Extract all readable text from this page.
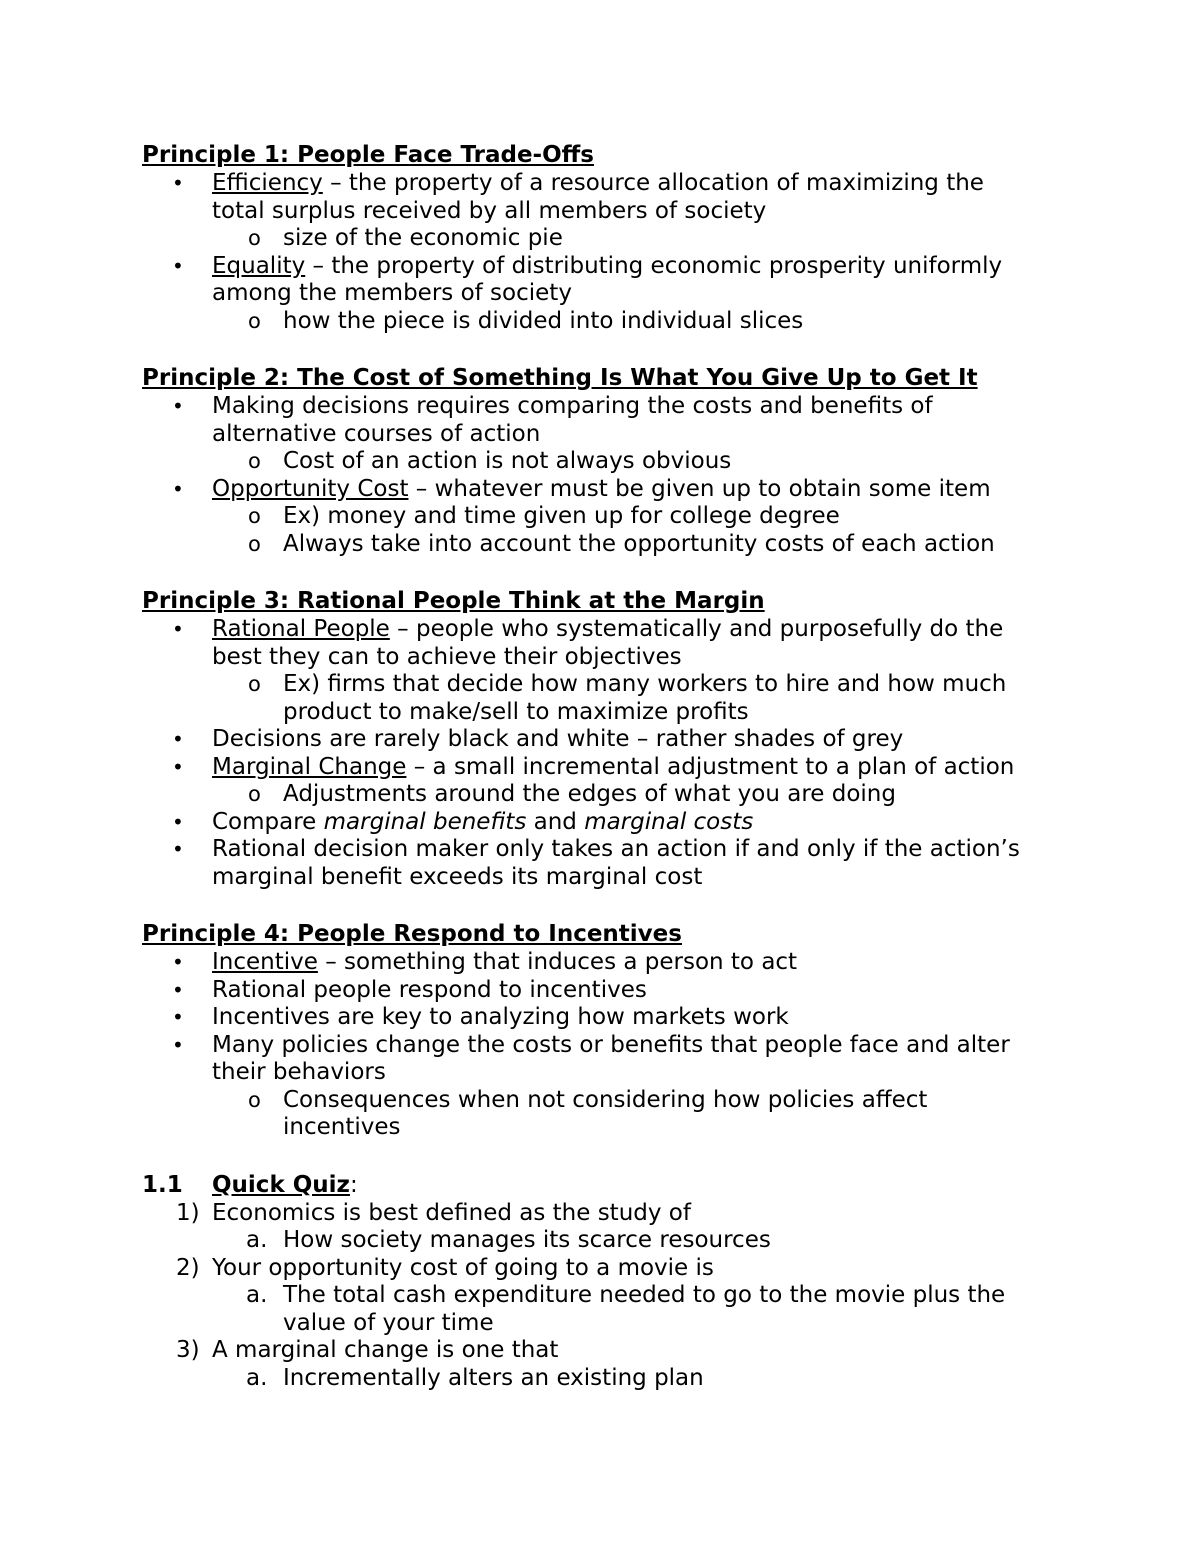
Principle 1: People Face Trade-Offs
• Efficiency – the property of a resource allocation of maximizing the
total surplus received by all members of society
o size of the economic pie
• Equality – the property of distributing economic prosperity uniformly
among the members of society
o how the piece is divided into individual slices
Principle 2: The Cost of Something Is What You Give Up to Get It
• Making decisions requires comparing the costs and benefits of
alternative courses of action
o Cost of an action is not always obvious
• Opportunity Cost – whatever must be given up to obtain some item
o Ex) money and time given up for college degree
o Always take into account the opportunity costs of each action
Principle 3: Rational People Think at the Margin
• Rational People – people who systematically and purposefully do the
best they can to achieve their objectives
o Ex) firms that decide how many workers to hire and how much
product to make/sell to maximize profits
• Decisions are rarely black and white – rather shades of grey
• Marginal Change – a small incremental adjustment to a plan of action
o Adjustments around the edges of what you are doing
• Compare marginal benefits and marginal costs
• Rational decision maker only takes an action if and only if the action’s
marginal benefit exceeds its marginal cost
Principle 4: People Respond to Incentives
• Incentive – something that induces a person to act
• Rational people respond to incentives
• Incentives are key to analyzing how markets work
• Many policies change the costs or benefits that people face and alter
their behaviors
o Consequences when not considering how policies affect
incentives
1.1 Quick Quiz:
1) Economics is best defined as the study of
a. How society manages its scarce resources
2) Your opportunity cost of going to a movie is
a. The total cash expenditure needed to go to the movie plus the
value of your time
3) A marginal change is one that
a. Incrementally alters an existing plan
